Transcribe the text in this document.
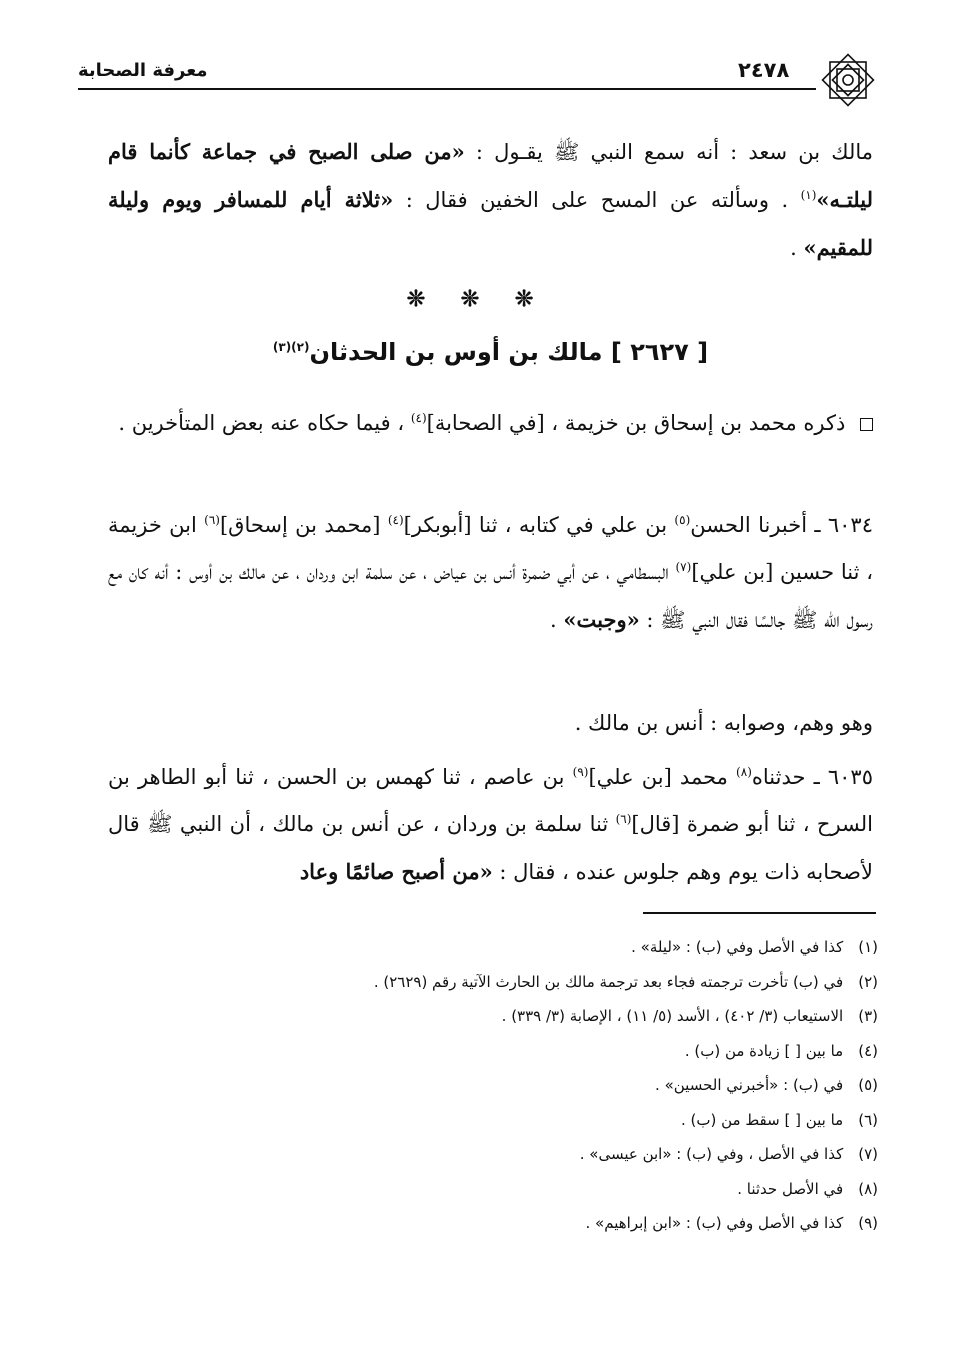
معرفة الصحابة	٢٤٧٨

مالك بن سعد : أنه سمع النبي ﷺ يقـول : «من صلى الصبح في جماعة كأنما قام ليلتـه»$^{(١)}$ . وسألته عن المسح على الخفين فقال : «ثلاثة أيام للمسافر ويوم وليلة للمقيم» .

❊ ❊ ❊
[ ٢٦٢٧ ] مالك بن أوس بن الحدثان$^{(٢)(٣)}$

ذكره محمد بن إسحاق بن خزيمة ، [في الصحابة]$^{(٤)}$ ، فيما حكاه عنه بعض المتأخرين .

٦٠٣٤ ـ أخبرنا الحسن$^{(٥)}$ بن علي في كتابه ، ثنا [أبوبكر]$^{(٤)}$ [محمد بن إسحاق]$^{(٦)}$ ابن خزيمة ، ثنا حسين [بن علي]$^{(٧)}$ البسطامي ، عن أبي ضمرة أنس بن عياض ، عن سلمة ابن وردان ، عن مالك بن أوس : أنه كان مع رسول الله ﷺ جالسًا فقال النبي ﷺ : «وجبت» .

وهو وهم، وصوابه : أنس بن مالك .

٦٠٣٥ ـ حدثناه$^{(٨)}$ محمد [بن علي]$^{(٩)}$ بن عاصم ، ثنا كهمس بن الحسن ، ثنا أبو الطاهر بن السرح ، ثنا أبو ضمرة [قال]$^{(٦)}$ ثنا سلمة بن وردان ، عن أنس بن مالك ، أن النبي ﷺ قال لأصحابه ذات يوم وهم جلوس عنده ، فقال : «من أصبح صائمًا وعاد

(١) كذا في الأصل وفي (ب) : «ليلة» .
(٢) في (ب) تأخرت ترجمته فجاء بعد ترجمة مالك بن الحارث الآتية رقم (٢٦٢٩) .
(٣) الاستيعاب (٣/ ٤٠٢) ، الأسد (٥/ ١١) ، الإصابة (٣/ ٣٣٩) .
(٤) ما بين [ ] زيادة من (ب) .
(٥) في (ب) : «أخبرني الحسين» .
(٦) ما بين [ ] سقط من (ب) .
(٧) كذا في الأصل ، وفي (ب) : «ابن عيسى» .
(٨) في الأصل حدثنا .
(٩) كذا في الأصل وفي (ب) : «ابن إبراهيم» .
